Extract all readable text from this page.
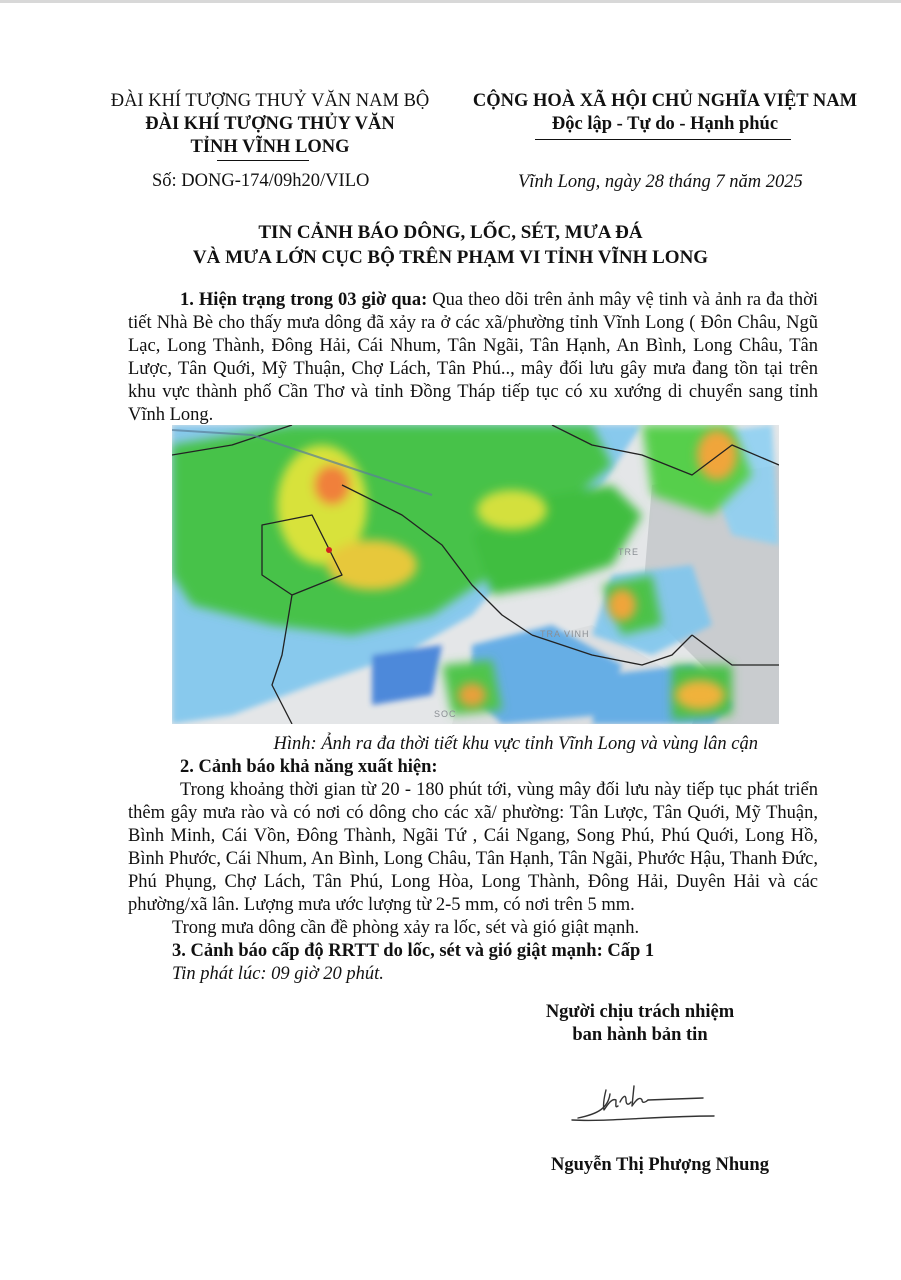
ĐÀI KHÍ TƯỢNG THUỶ VĂN NAM BỘ
ĐÀI KHÍ TƯỢNG THỦY VĂN
TỈNH VĨNH LONG
Số: DONG-174/09h20/VILO
CỘNG HOÀ XÃ HỘI CHỦ NGHĨA VIỆT NAM
Độc lập - Tự do - Hạnh phúc
Vĩnh Long, ngày 28 tháng 7 năm 2025
TIN CẢNH BÁO DÔNG, LỐC, SÉT, MƯA ĐÁ
VÀ MƯA LỚN CỤC BỘ TRÊN PHẠM VI TỈNH VĨNH LONG
1. Hiện trạng trong 03 giờ qua: Qua theo dõi trên ảnh mây vệ tinh và ảnh ra đa thời tiết Nhà Bè cho thấy mưa dông đã xảy ra ở các xã/phường tỉnh Vĩnh Long ( Đôn Châu, Ngũ Lạc, Long Thành, Đông Hải, Cái Nhum, Tân Ngãi, Tân Hạnh, An Bình, Long Châu, Tân Lược, Tân Quới, Mỹ Thuận, Chợ Lách, Tân Phú.., mây đối lưu gây mưa đang tồn tại trên khu vực thành phố Cần Thơ và tỉnh Đồng Tháp tiếp tục có xu xướng di chuyển sang tỉnh Vĩnh Long.
TRE
TRA VINH
SOC
Hình: Ảnh ra đa thời tiết khu vực tỉnh Vĩnh Long và vùng lân cận
2. Cảnh báo khả năng xuất hiện:
Trong khoảng thời gian từ 20 - 180 phút tới, vùng mây đối lưu này tiếp tục phát triển thêm gây mưa rào và có nơi có dông cho các xã/ phường: Tân Lược, Tân Quới, Mỹ Thuận, Bình Minh, Cái Vồn, Đông Thành, Ngãi Tứ , Cái Ngang, Song Phú, Phú Quới, Long Hồ, Bình Phước, Cái Nhum, An Bình, Long Châu, Tân Hạnh, Tân Ngãi, Phước Hậu, Thanh Đức, Phú Phụng, Chợ Lách, Tân Phú, Long Hòa, Long Thành, Đông Hải, Duyên Hải và các phường/xã lân. Lượng mưa ước lượng từ 2-5 mm, có nơi trên 5 mm.
Trong mưa dông cần đề phòng xảy ra lốc, sét và gió giật mạnh.
3. Cảnh báo cấp độ RRTT do lốc, sét và gió giật mạnh: Cấp 1
Tin phát lúc: 09 giờ 20 phút.
Người chịu trách nhiệm
ban hành bản tin
Nguyễn Thị Phượng Nhung
